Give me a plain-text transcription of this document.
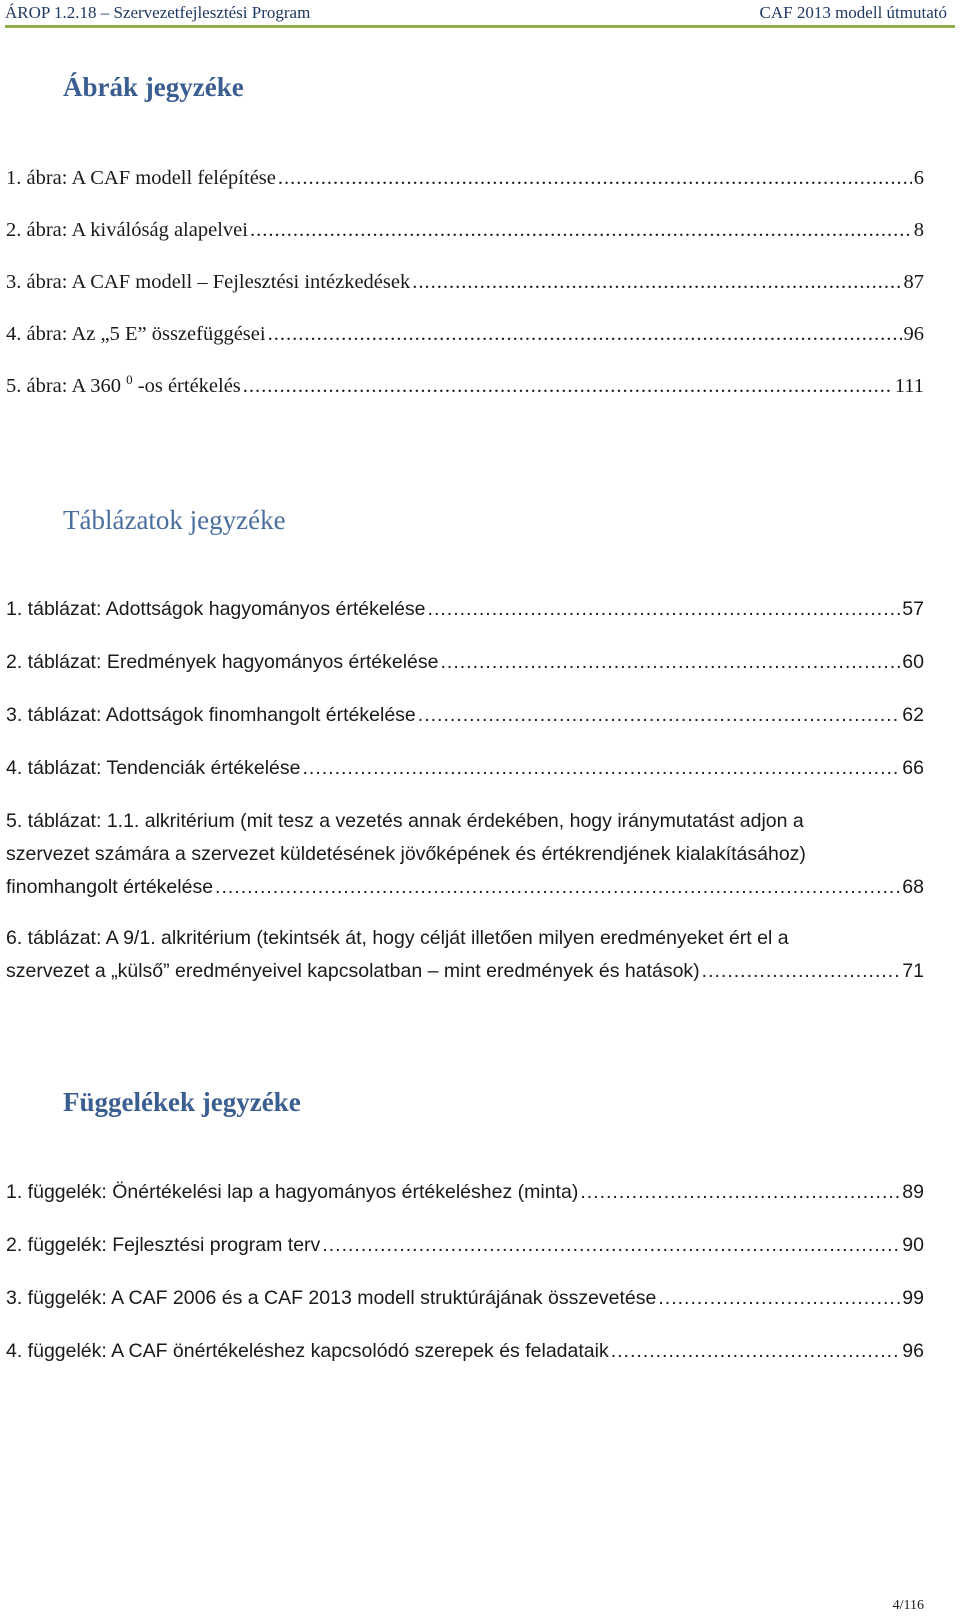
ÁROP 1.2.18 – Szervezetfejlesztési Program	CAF 2013 modell útmutató
Ábrák jegyzéke
1. ábra: A CAF modell felépítése .....	6
2. ábra: A kiválóság alapelvei .....	8
3. ábra: A CAF modell – Fejlesztési intézkedések .....	87
4. ábra: Az „5 E” összefüggései .....	96
5. ábra: A 360 $^0$ -os értékelés .....	111
Táblázatok jegyzéke
1. táblázat: Adottságok hagyományos értékelése .....	57
2. táblázat: Eredmények hagyományos értékelése .....	60
3. táblázat: Adottságok finomhangolt értékelése .....	62
4. táblázat: Tendenciák értékelése .....	66
5. táblázat: 1.1. alkritérium (mit tesz a vezetés annak érdekében, hogy iránymutatást adjon a
szervezet számára a szervezet küldetésének jövőképének és értékrendjének kialakításához)
finomhangolt értékelése .....	68
6. táblázat: A 9/1. alkritérium (tekintsék át, hogy célját illetően milyen eredményeket ért el a
szervezet a „külső” eredményeivel kapcsolatban – mint eredmények és hatások) .....	71
Függelékek jegyzéke
1. függelék: Önértékelési lap a hagyományos értékeléshez (minta) .....	89
2. függelék: Fejlesztési program terv .....	90
3. függelék: A CAF 2006 és a CAF 2013 modell struktúrájának összevetése .....	99
4. függelék: A CAF önértékeléshez kapcsolódó szerepek és feladataik .....	96
4/116
